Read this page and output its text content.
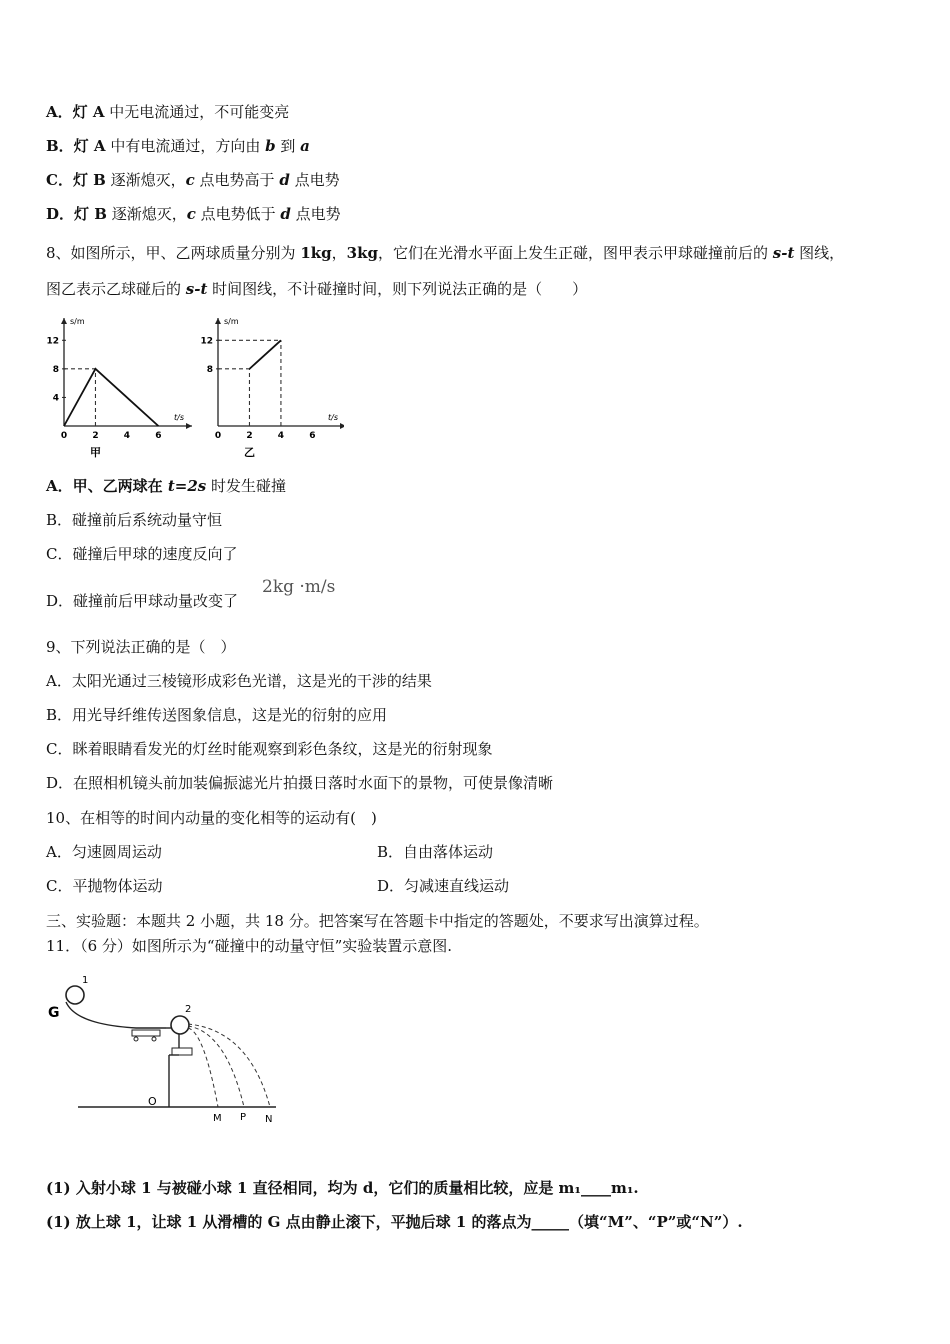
A．灯 A 中无电流通过，不可能变亮
B．灯 A 中有电流通过，方向由 b 到 a
C．灯 B 逐渐熄灭，c 点电势高于 d 点电势
D．灯 B 逐渐熄灭，c 点电势低于 d 点电势
8、如图所示，甲、乙两球质量分别为 1kg，3kg，它们在光滑水平面上发生正碰，图甲表示甲球碰撞前后的 s-t 图线，
图乙表示乙球碰后的 s-t 时间图线，不计碰撞时间，则下列说法正确的是（　　）
s/m
t/s
0	2	4	6
4
8
12
甲
s/m
t/s
0	2	4	6
8
12
乙
A．甲、乙两球在 t=2s 时发生碰撞
B．碰撞前后系统动量守恒
C．碰撞后甲球的速度反向了
D．碰撞前后甲球动量改变了
2kg ·m/s
9、下列说法正确的是（　）
A．太阳光通过三棱镜形成彩色光谱，这是光的干涉的结果
B．用光导纤维传送图象信息，这是光的衍射的应用
C．眯着眼睛看发光的灯丝时能观察到彩色条纹，这是光的衍射现象
D．在照相机镜头前加装偏振滤光片拍摄日落时水面下的景物，可使景像清晰
10、在相等的时间内动量的变化相等的运动有(　)
A．匀速圆周运动	B．自由落体运动
C．平抛物体运动	D．匀减速直线运动
三、实验题：本题共 2 小题，共 18 分。把答案写在答题卡中指定的答题处，不要求写出演算过程。
11．（6 分）如图所示为“碰撞中的动量守恒”实验装置示意图.
1
G	2
O
M P N
(1) 入射小球 1 与被碰小球 1 直径相同，均为 d，它们的质量相比较，应是 m₁____m₁.
(1) 放上球 1，让球 1 从滑槽的 G 点由静止滚下，平抛后球 1 的落点为_____（填“M”、“P”或“N”）.
